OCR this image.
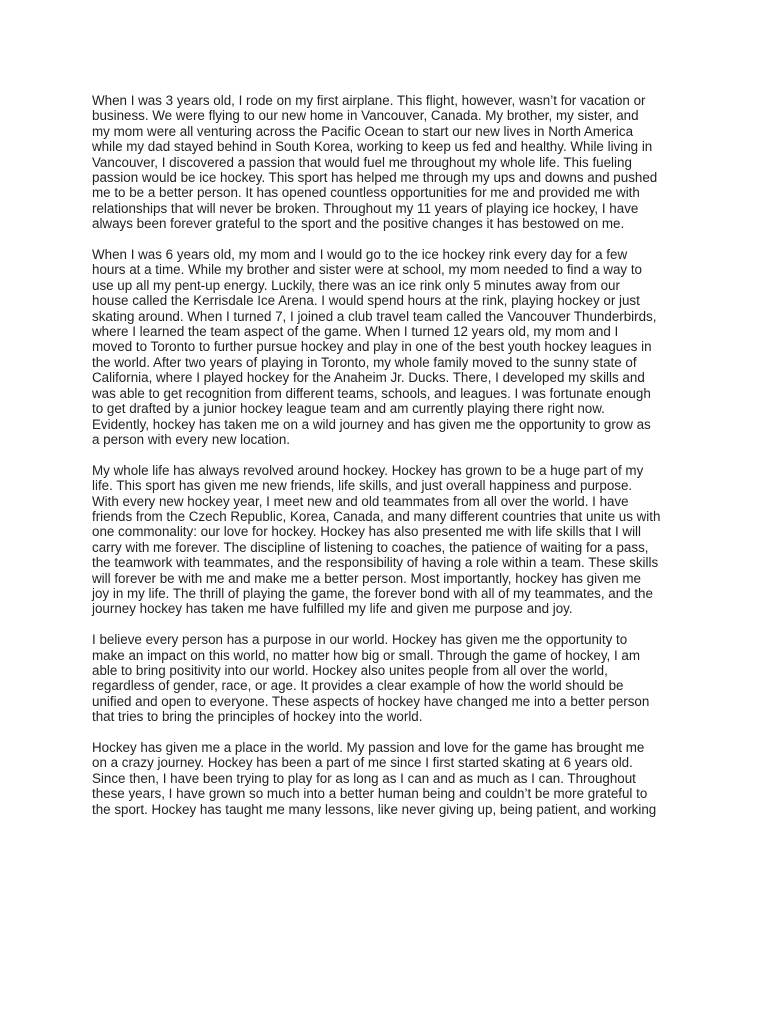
When I was 3 years old, I rode on my first airplane. This flight, however, wasn’t for vacation or
business. We were flying to our new home in Vancouver, Canada. My brother, my sister, and
my mom were all venturing across the Pacific Ocean to start our new lives in North America
while my dad stayed behind in South Korea, working to keep us fed and healthy. While living in
Vancouver, I discovered a passion that would fuel me throughout my whole life. This fueling
passion would be ice hockey. This sport has helped me through my ups and downs and pushed
me to be a better person. It has opened countless opportunities for me and provided me with
relationships that will never be broken. Throughout my 11 years of playing ice hockey, I have
always been forever grateful to the sport and the positive changes it has bestowed on me.

When I was 6 years old, my mom and I would go to the ice hockey rink every day for a few
hours at a time. While my brother and sister were at school, my mom needed to find a way to
use up all my pent-up energy. Luckily, there was an ice rink only 5 minutes away from our
house called the Kerrisdale Ice Arena. I would spend hours at the rink, playing hockey or just
skating around. When I turned 7, I joined a club travel team called the Vancouver Thunderbirds,
where I learned the team aspect of the game. When I turned 12 years old, my mom and I
moved to Toronto to further pursue hockey and play in one of the best youth hockey leagues in
the world. After two years of playing in Toronto, my whole family moved to the sunny state of
California, where I played hockey for the Anaheim Jr. Ducks. There, I developed my skills and
was able to get recognition from different teams, schools, and leagues. I was fortunate enough
to get drafted by a junior hockey league team and am currently playing there right now.
Evidently, hockey has taken me on a wild journey and has given me the opportunity to grow as
a person with every new location.

My whole life has always revolved around hockey. Hockey has grown to be a huge part of my
life. This sport has given me new friends, life skills, and just overall happiness and purpose.
With every new hockey year, I meet new and old teammates from all over the world. I have
friends from the Czech Republic, Korea, Canada, and many different countries that unite us with
one commonality: our love for hockey. Hockey has also presented me with life skills that I will
carry with me forever. The discipline of listening to coaches, the patience of waiting for a pass,
the teamwork with teammates, and the responsibility of having a role within a team. These skills
will forever be with me and make me a better person. Most importantly, hockey has given me
joy in my life. The thrill of playing the game, the forever bond with all of my teammates, and the
journey hockey has taken me have fulfilled my life and given me purpose and joy.

I believe every person has a purpose in our world. Hockey has given me the opportunity to
make an impact on this world, no matter how big or small. Through the game of hockey, I am
able to bring positivity into our world. Hockey also unites people from all over the world,
regardless of gender, race, or age. It provides a clear example of how the world should be
unified and open to everyone. These aspects of hockey have changed me into a better person
that tries to bring the principles of hockey into the world.

Hockey has given me a place in the world. My passion and love for the game has brought me
on a crazy journey. Hockey has been a part of me since I first started skating at 6 years old.
Since then, I have been trying to play for as long as I can and as much as I can. Throughout
these years, I have grown so much into a better human being and couldn’t be more grateful to
the sport. Hockey has taught me many lessons, like never giving up, being patient, and working
